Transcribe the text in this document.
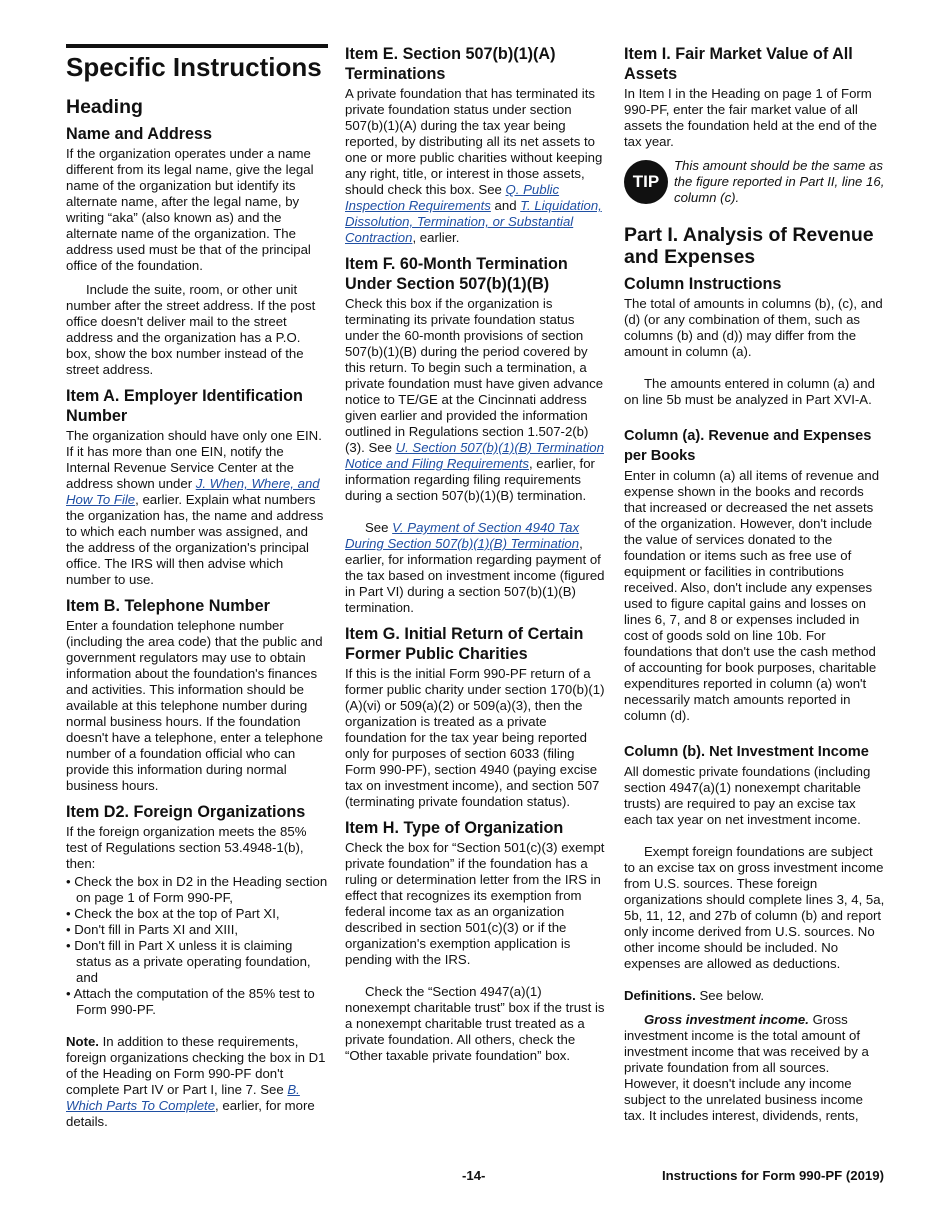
Specific Instructions
Heading
Name and Address

If the organization operates under a name different from its legal name, give the legal name of the organization but identify its alternate name, after the legal name, by writing “aka” (also known as) and the alternate name of the organization. The address used must be that of the principal office of the foundation.

Include the suite, room, or other unit number after the street address. If the post office doesn't deliver mail to the street address and the organization has a P.O. box, show the box number instead of the street address.

Item A. Employer Identification Number

The organization should have only one EIN. If it has more than one EIN, notify the Internal Revenue Service Center at the address shown under J. When, Where, and How To File, earlier. Explain what numbers the organization has, the name and address to which each number was assigned, and the address of the organization's principal office. The IRS will then advise which number to use.

Item B. Telephone Number

Enter a foundation telephone number (including the area code) that the public and government regulators may use to obtain information about the foundation's finances and activities. This information should be available at this telephone number during normal business hours. If the foundation doesn't have a telephone, enter a telephone number of a foundation official who can provide this information during normal business hours.

Item D2. Foreign Organizations

If the foreign organization meets the 85% test of Regulations section 53.4948-1(b), then:

• Check the box in D2 in the Heading section on page 1 of Form 990-PF,
• Check the box at the top of Part XI,
• Don't fill in Parts XI and XIII,
• Don't fill in Part X unless it is claiming status as a private operating foundation, and
• Attach the computation of the 85% test to Form 990-PF.

Note. In addition to these requirements, foreign organizations checking the box in D1 of the Heading on Form 990-PF don't complete Part IV or Part I, line 7. See B. Which Parts To Complete, earlier, for more details.

Item E. Section 507(b)(1)(A) Terminations

A private foundation that has terminated its private foundation status under section 507(b)(1)(A) during the tax year being reported, by distributing all its net assets to one or more public charities without keeping any right, title, or interest in those assets, should check this box. See Q. Public Inspection Requirements and T. Liquidation, Dissolution, Termination, or Substantial Contraction, earlier.

Item F. 60-Month Termination Under Section 507(b)(1)(B)

Check this box if the organization is terminating its private foundation status under the 60-month provisions of section 507(b)(1)(B) during the period covered by this return. To begin such a termination, a private foundation must have given advance notice to TE/GE at the Cincinnati address given earlier and provided the information outlined in Regulations section 1.507-2(b)(3). See U. Section 507(b)(1)(B) Termination Notice and Filing Requirements, earlier, for information regarding filing requirements during a section 507(b)(1)(B) termination.

See V. Payment of Section 4940 Tax During Section 507(b)(1)(B) Termination, earlier, for information regarding payment of the tax based on investment income (figured in Part VI) during a section 507(b)(1)(B) termination.

Item G. Initial Return of Certain Former Public Charities

If this is the initial Form 990-PF return of a former public charity under section 170(b)(1)(A)(vi) or 509(a)(2) or 509(a)(3), then the organization is treated as a private foundation for the tax year being reported only for purposes of section 6033 (filing Form 990-PF), section 4940 (paying excise tax on investment income), and section 507 (terminating private foundation status).

Item H. Type of Organization

Check the box for “Section 501(c)(3) exempt private foundation” if the foundation has a ruling or determination letter from the IRS in effect that recognizes its exemption from federal income tax as an organization described in section 501(c)(3) or if the organization's exemption application is pending with the IRS.

Check the “Section 4947(a)(1) nonexempt charitable trust” box if the trust is a nonexempt charitable trust treated as a private foundation. All others, check the “Other taxable private foundation” box.

Item I. Fair Market Value of All Assets

In Item I in the Heading on page 1 of Form 990-PF, enter the fair market value of all assets the foundation held at the end of the tax year.

TIP

This amount should be the same as the figure reported in Part II, line 16, column (c).

Part I. Analysis of Revenue and Expenses
Column Instructions

The total of amounts in columns (b), (c), and (d) (or any combination of them, such as columns (b) and (d)) may differ from the amount in column (a).

The amounts entered in column (a) and on line 5b must be analyzed in Part XVI-A.

Column (a). Revenue and Expenses per Books

Enter in column (a) all items of revenue and expense shown in the books and records that increased or decreased the net assets of the organization. However, don't include the value of services donated to the foundation or items such as free use of equipment or facilities in contributions received. Also, don't include any expenses used to figure capital gains and losses on lines 6, 7, and 8 or expenses included in cost of goods sold on line 10b. For foundations that don't use the cash method of accounting for book purposes, charitable expenditures reported in column (a) won't necessarily match amounts reported in column (d).

Column (b). Net Investment Income

All domestic private foundations (including section 4947(a)(1) nonexempt charitable trusts) are required to pay an excise tax each tax year on net investment income.

Exempt foreign foundations are subject to an excise tax on gross investment income from U.S. sources. These foreign organizations should complete lines 3, 4, 5a, 5b, 11, 12, and 27b of column (b) and report only income derived from U.S. sources. No other income should be included. No expenses are allowed as deductions.

Definitions. See below.

Gross investment income. Gross investment income is the total amount of investment income that was received by a private foundation from all sources. However, it doesn't include any income subject to the unrelated business income tax. It includes interest, dividends, rents,

-14-	Instructions for Form 990-PF (2019)
